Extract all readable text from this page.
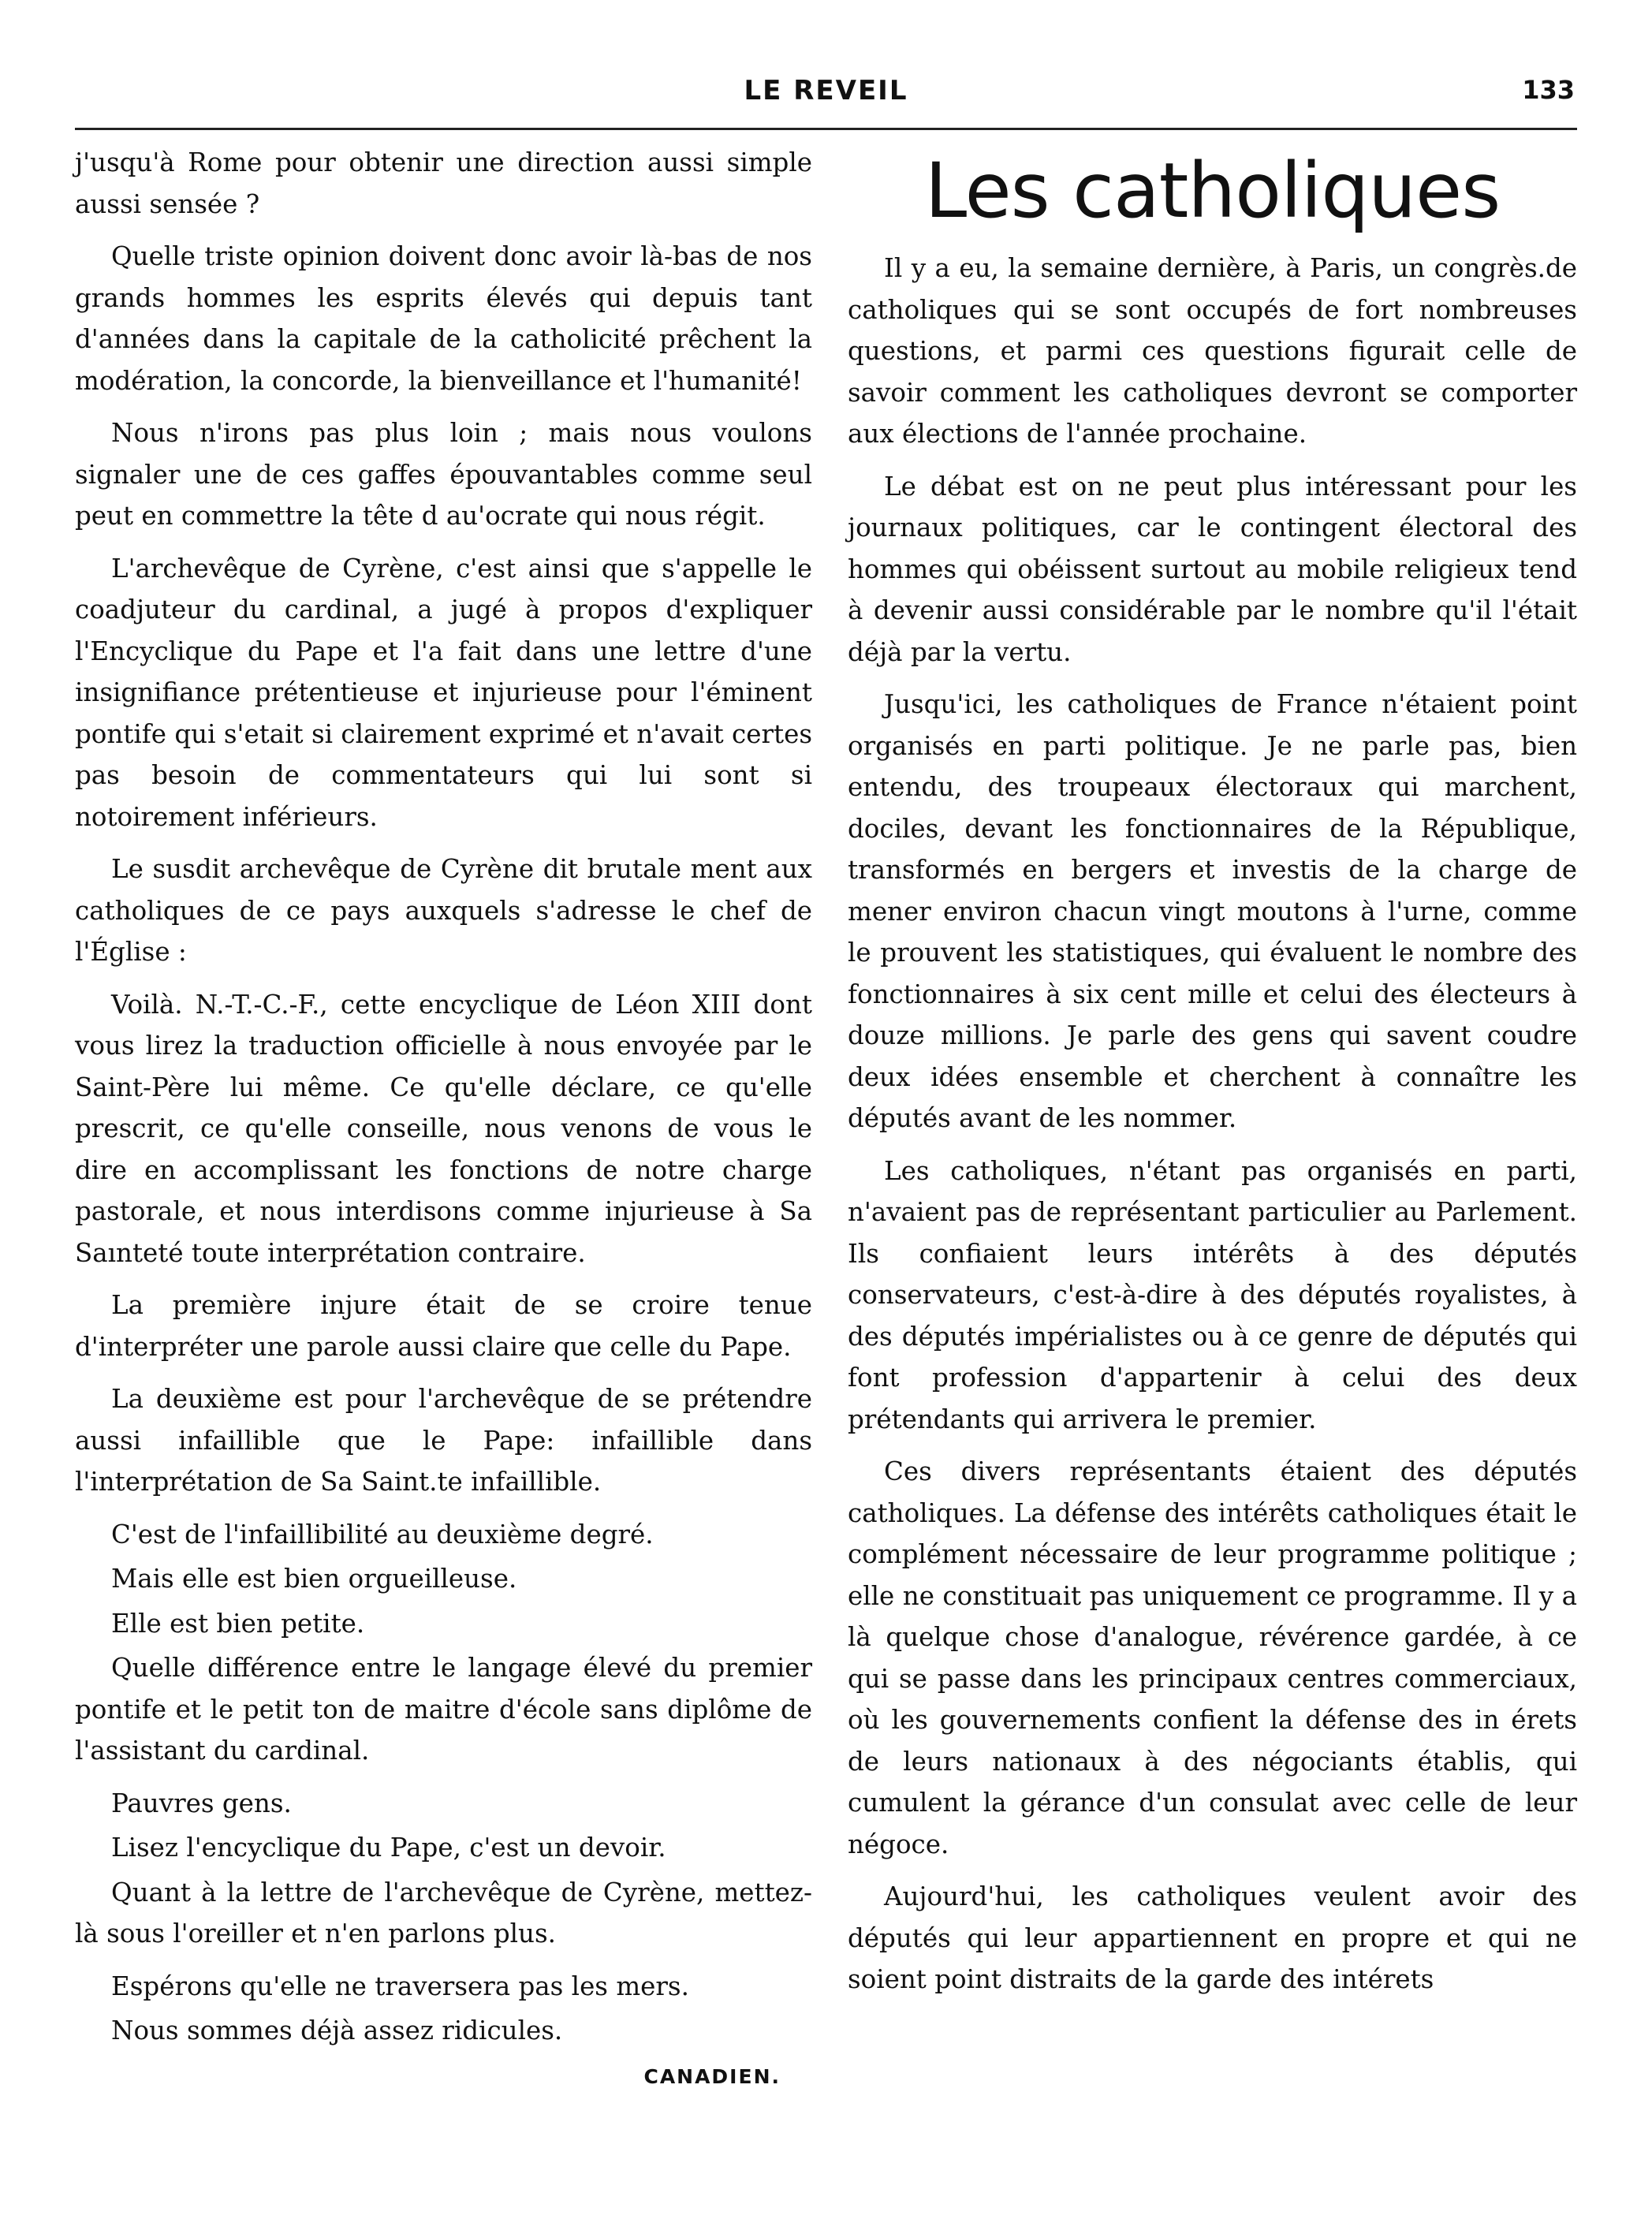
LE REVEIL	133

j'usqu'à Rome pour obtenir une direction aussi simple aussi sensée ?

Quelle triste opinion doivent donc avoir là-bas de nos grands hommes les esprits élevés qui depuis tant d'années dans la capitale de la catholicité prêchent la modération, la concorde, la bienveillance et l'humanité!

Nous n'irons pas plus loin ; mais nous voulons signaler une de ces gaffes épouvantables comme seul peut en commettre la tête d au'ocrate qui nous régit.

L'archevêque de Cyrène, c'est ainsi que s'appelle le coadjuteur du cardinal, a jugé à propos d'expliquer l'Encyclique du Pape et l'a fait dans une lettre d'une insignifiance prétentieuse et injurieuse pour l'éminent pontife qui s'etait si clairement exprimé et n'avait certes pas besoin de commentateurs qui lui sont si notoirement inférieurs.

Le susdit archevêque de Cyrène dit brutale ment aux catholiques de ce pays auxquels s'adresse le chef de l'Église :

Voilà. N.-T.-C.-F., cette encyclique de Léon XIII dont vous lirez la traduction officielle à nous envoyée par le Saint-Père lui même. Ce qu'elle déclare, ce qu'elle prescrit, ce qu'elle conseille, nous venons de vous le dire en accomplissant les fonctions de notre charge pastorale, et nous interdisons comme injurieuse à Sa Saınteté toute interprétation contraire.

La première injure était de se croire tenue d'interpréter une parole aussi claire que celle du Pape.

La deuxième est pour l'archevêque de se prétendre aussi infaillible que le Pape: infaillible dans l'interprétation de Sa Saint.te infaillible.

C'est de l'infaillibilité au deuxième degré.

Mais elle est bien orgueilleuse.

Elle est bien petite.

Quelle différence entre le langage élevé du premier pontife et le petit ton de maitre d'école sans diplôme de l'assistant du cardinal.

Pauvres gens.

Lisez l'encyclique du Pape, c'est un devoir.

Quant à la lettre de l'archevêque de Cyrène, mettez-là sous l'oreiller et n'en parlons plus.

Espérons qu'elle ne traversera pas les mers.

Nous sommes déjà assez ridicules.

CANADIEN.
Les catholiques

Il y a eu, la semaine dernière, à Paris, un congrès.de catholiques qui se sont occupés de fort nombreuses questions, et parmi ces questions figurait celle de savoir comment les catholiques devront se comporter aux élections de l'année prochaine.

Le débat est on ne peut plus intéressant pour les journaux politiques, car le contingent électoral des hommes qui obéissent surtout au mobile religieux tend à devenir aussi considérable par le nombre qu'il l'était déjà par la vertu.

Jusqu'ici, les catholiques de France n'étaient point organisés en parti politique. Je ne parle pas, bien entendu, des troupeaux électoraux qui marchent, dociles, devant les fonctionnaires de la République, transformés en bergers et investis de la charge de mener environ chacun vingt moutons à l'urne, comme le prouvent les statistiques, qui évaluent le nombre des fonctionnaires à six cent mille et celui des électeurs à douze millions. Je parle des gens qui savent coudre deux idées ensemble et cherchent à connaître les députés avant de les nommer.

Les catholiques, n'étant pas organisés en parti, n'avaient pas de représentant particulier au Parlement. Ils confiaient leurs intérêts à des députés conservateurs, c'est-à-dire à des députés royalistes, à des députés impérialistes ou à ce genre de députés qui font profession d'appartenir à celui des deux prétendants qui arrivera le premier.

Ces divers représentants étaient des députés catholiques. La défense des intérêts catholiques était le complément nécessaire de leur programme politique ; elle ne constituait pas uniquement ce programme. Il y a là quelque chose d'analogue, révérence gardée, à ce qui se passe dans les principaux centres commerciaux, où les gouvernements confient la défense des in érets de leurs nationaux à des négociants établis, qui cumulent la gérance d'un consulat avec celle de leur négoce.

Aujourd'hui, les catholiques veulent avoir des députés qui leur appartiennent en propre et qui ne soient point distraits de la garde des intérets
